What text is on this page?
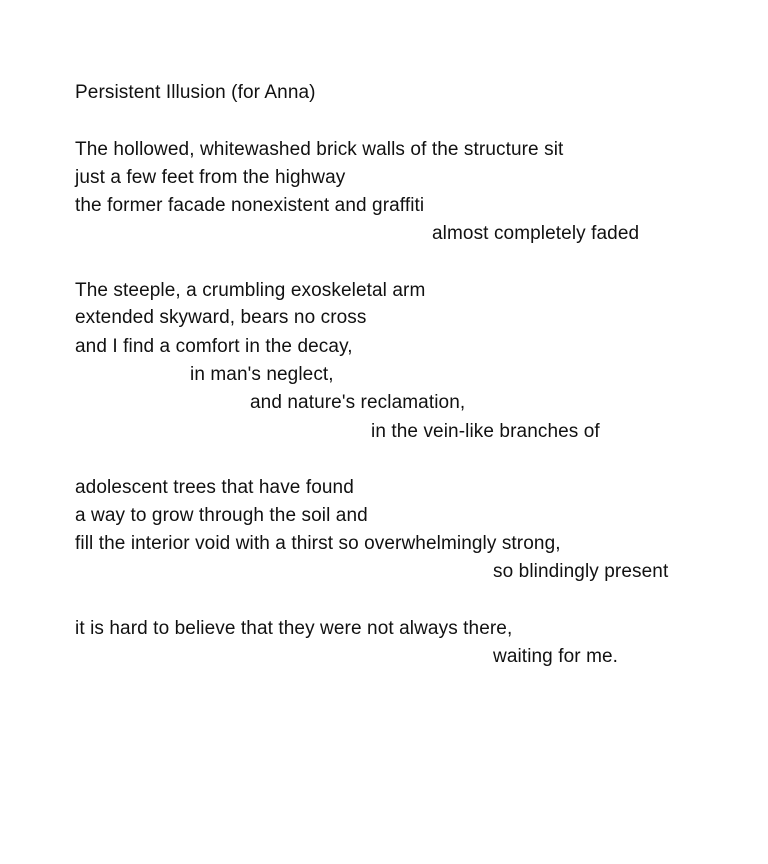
Persistent Illusion (for Anna)
The hollowed, whitewashed brick walls of the structure sit
just a few feet from the highway
the former facade nonexistent and graffiti
almost completely faded
The steeple, a crumbling exoskeletal arm
extended skyward, bears no cross
and I find a comfort in the decay,
in man's neglect,
and nature's reclamation,
in the vein-like branches of
adolescent trees that have found
a way to grow through the soil and
fill the interior void with a thirst so overwhelmingly strong,
so blindingly present
it is hard to believe that they were not always there,
waiting for me.
